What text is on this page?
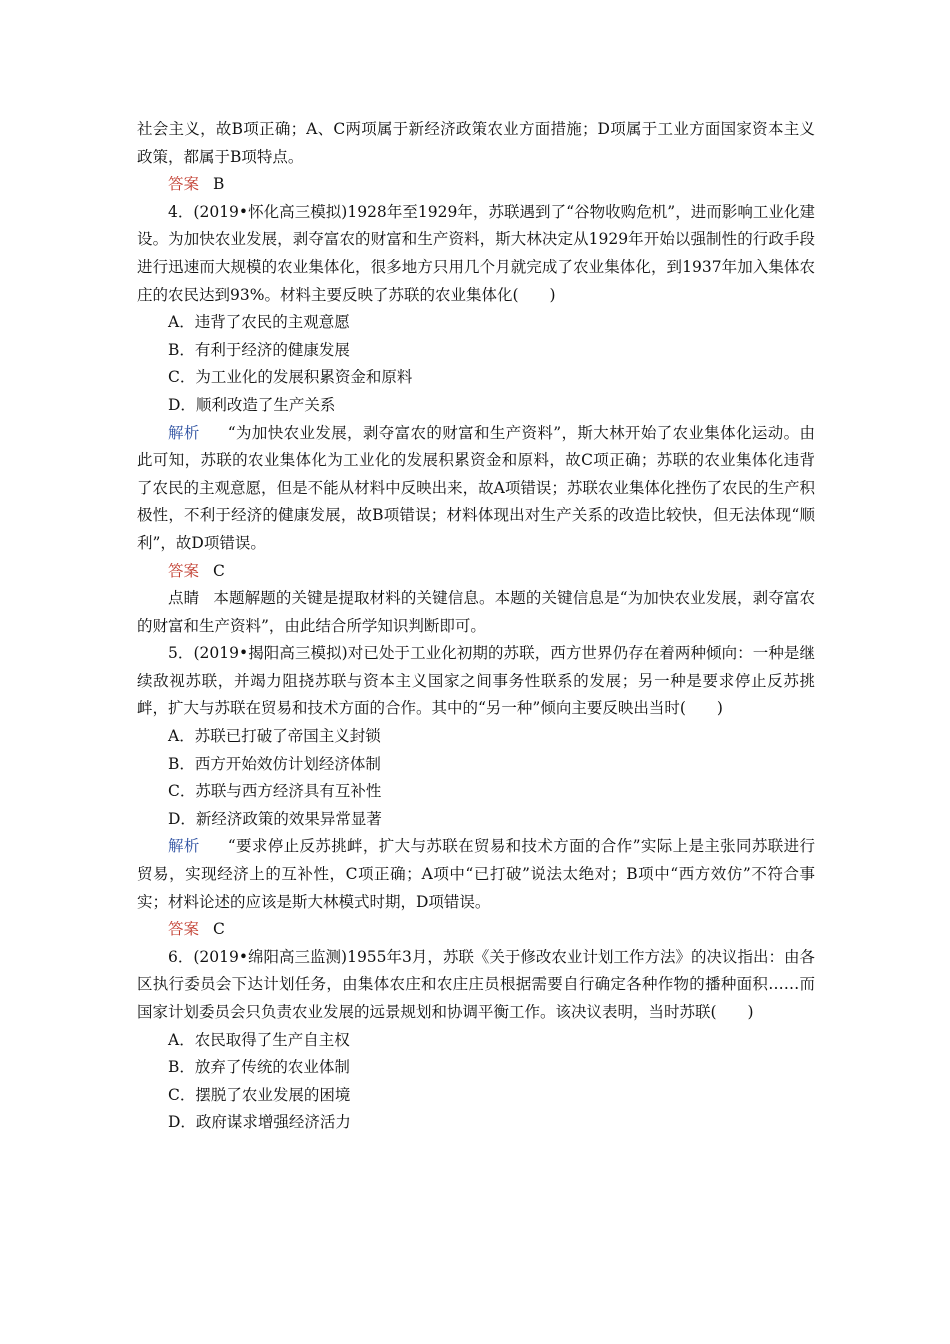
社会主义，故B项正确；A、C两项属于新经济政策农业方面措施；D项属于工业方面国家资本主义政策，都属于B项特点。

答案 B

4．(2019•怀化高三模拟)1928年至1929年，苏联遇到了“谷物收购危机”，进而影响工业化建设。为加快农业发展，剥夺富农的财富和生产资料，斯大林决定从1929年开始以强制性的行政手段进行迅速而大规模的农业集体化，很多地方只用几个月就完成了农业集体化，到1937年加入集体农庄的农民达到93%。材料主要反映了苏联的农业集体化(　　)

A．违背了农民的主观意愿

B．有利于经济的健康发展

C．为工业化的发展积累资金和原料

D．顺利改造了生产关系

解析 “为加快农业发展，剥夺富农的财富和生产资料”，斯大林开始了农业集体化运动。由此可知，苏联的农业集体化为工业化的发展积累资金和原料，故C项正确；苏联的农业集体化违背了农民的主观意愿，但是不能从材料中反映出来，故A项错误；苏联农业集体化挫伤了农民的生产积极性，不利于经济的健康发展，故B项错误；材料体现出对生产关系的改造比较快，但无法体现“顺利”，故D项错误。

答案 C

点睛 本题解题的关键是提取材料的关键信息。本题的关键信息是“为加快农业发展，剥夺富农的财富和生产资料”，由此结合所学知识判断即可。

5．(2019•揭阳高三模拟)对已处于工业化初期的苏联，西方世界仍存在着两种倾向：一种是继续敌视苏联，并竭力阻挠苏联与资本主义国家之间事务性联系的发展；另一种是要求停止反苏挑衅，扩大与苏联在贸易和技术方面的合作。其中的“另一种”倾向主要反映出当时(　　)

A．苏联已打破了帝国主义封锁

B．西方开始效仿计划经济体制

C．苏联与西方经济具有互补性

D．新经济政策的效果异常显著

解析 “要求停止反苏挑衅，扩大与苏联在贸易和技术方面的合作”实际上是主张同苏联进行贸易，实现经济上的互补性，C项正确；A项中“已打破”说法太绝对；B项中“西方效仿”不符合事实；材料论述的应该是斯大林模式时期，D项错误。

答案 C

6．(2019•绵阳高三监测)1955年3月，苏联《关于修改农业计划工作方法》的决议指出：由各区执行委员会下达计划任务，由集体农庄和农庄庄员根据需要自行确定各种作物的播种面积……而国家计划委员会只负责农业发展的远景规划和协调平衡工作。该决议表明，当时苏联(　　)

A．农民取得了生产自主权

B．放弃了传统的农业体制

C．摆脱了农业发展的困境

D．政府谋求增强经济活力
